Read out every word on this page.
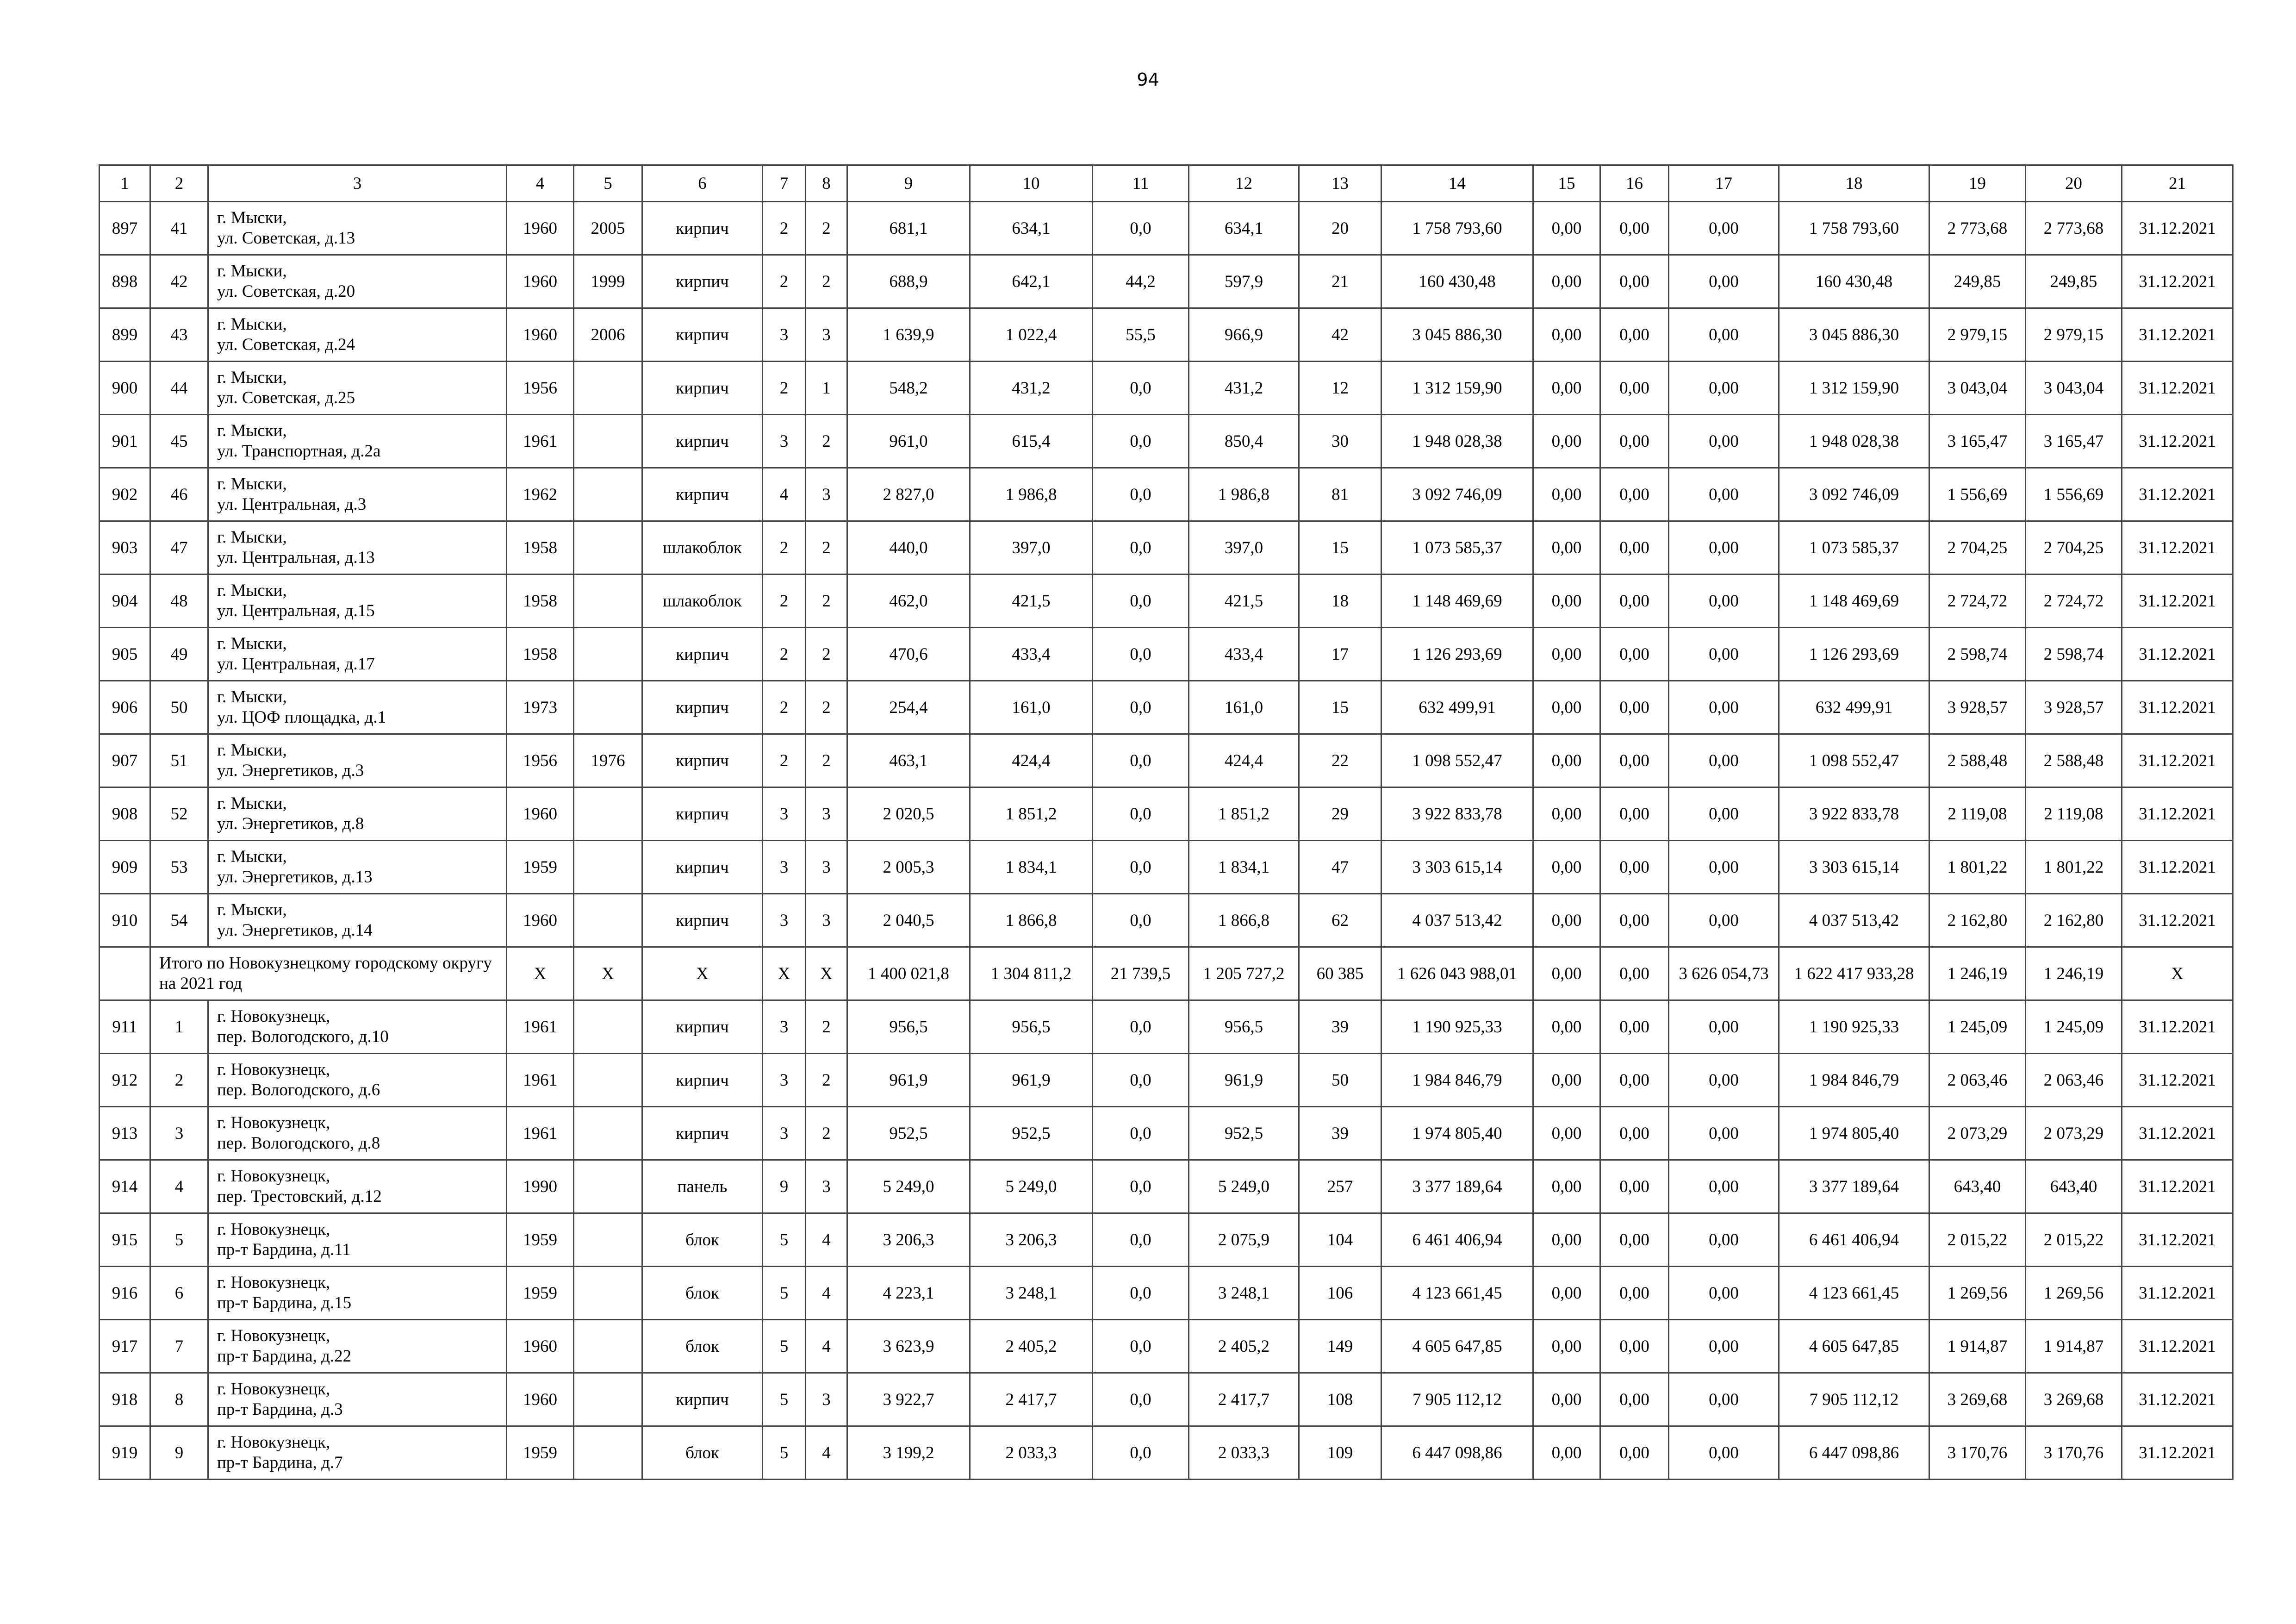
94
1	2	3	4	5	6	7	8	9	10	11	12	13	14	15	16	17	18	19	20	21
897	41	г. Мыски,
ул. Советская, д.13	1960	2005	кирпич	2	2	681,1	634,1	0,0	634,1	20	1 758 793,60	0,00	0,00	0,00	1 758 793,60	2 773,68	2 773,68	31.12.2021
898	42	г. Мыски,
ул. Советская, д.20	1960	1999	кирпич	2	2	688,9	642,1	44,2	597,9	21	160 430,48	0,00	0,00	0,00	160 430,48	249,85	249,85	31.12.2021
899	43	г. Мыски,
ул. Советская, д.24	1960	2006	кирпич	3	3	1 639,9	1 022,4	55,5	966,9	42	3 045 886,30	0,00	0,00	0,00	3 045 886,30	2 979,15	2 979,15	31.12.2021
900	44	г. Мыски,
ул. Советская, д.25	1956		кирпич	2	1	548,2	431,2	0,0	431,2	12	1 312 159,90	0,00	0,00	0,00	1 312 159,90	3 043,04	3 043,04	31.12.2021
901	45	г. Мыски,
ул. Транспортная, д.2а	1961		кирпич	3	2	961,0	615,4	0,0	850,4	30	1 948 028,38	0,00	0,00	0,00	1 948 028,38	3 165,47	3 165,47	31.12.2021
902	46	г. Мыски,
ул. Центральная, д.3	1962		кирпич	4	3	2 827,0	1 986,8	0,0	1 986,8	81	3 092 746,09	0,00	0,00	0,00	3 092 746,09	1 556,69	1 556,69	31.12.2021
903	47	г. Мыски,
ул. Центральная, д.13	1958		шлакоблок	2	2	440,0	397,0	0,0	397,0	15	1 073 585,37	0,00	0,00	0,00	1 073 585,37	2 704,25	2 704,25	31.12.2021
904	48	г. Мыски,
ул. Центральная, д.15	1958		шлакоблок	2	2	462,0	421,5	0,0	421,5	18	1 148 469,69	0,00	0,00	0,00	1 148 469,69	2 724,72	2 724,72	31.12.2021
905	49	г. Мыски,
ул. Центральная, д.17	1958		кирпич	2	2	470,6	433,4	0,0	433,4	17	1 126 293,69	0,00	0,00	0,00	1 126 293,69	2 598,74	2 598,74	31.12.2021
906	50	г. Мыски,
ул. ЦОФ площадка, д.1	1973		кирпич	2	2	254,4	161,0	0,0	161,0	15	632 499,91	0,00	0,00	0,00	632 499,91	3 928,57	3 928,57	31.12.2021
907	51	г. Мыски,
ул. Энергетиков, д.3	1956	1976	кирпич	2	2	463,1	424,4	0,0	424,4	22	1 098 552,47	0,00	0,00	0,00	1 098 552,47	2 588,48	2 588,48	31.12.2021
908	52	г. Мыски,
ул. Энергетиков, д.8	1960		кирпич	3	3	2 020,5	1 851,2	0,0	1 851,2	29	3 922 833,78	0,00	0,00	0,00	3 922 833,78	2 119,08	2 119,08	31.12.2021
909	53	г. Мыски,
ул. Энергетиков, д.13	1959		кирпич	3	3	2 005,3	1 834,1	0,0	1 834,1	47	3 303 615,14	0,00	0,00	0,00	3 303 615,14	1 801,22	1 801,22	31.12.2021
910	54	г. Мыски,
ул. Энергетиков, д.14	1960		кирпич	3	3	2 040,5	1 866,8	0,0	1 866,8	62	4 037 513,42	0,00	0,00	0,00	4 037 513,42	2 162,80	2 162,80	31.12.2021
	Итого по Новокузнецкому городскому округу на 2021 год		Х	Х	Х	Х	Х	1 400 021,8	1 304 811,2	21 739,5	1 205 727,2	60 385	1 626 043 988,01	0,00	0,00	3 626 054,73	1 622 417 933,28	1 246,19	1 246,19	Х
911	1	г. Новокузнецк,
пер. Вологодского, д.10	1961		кирпич	3	2	956,5	956,5	0,0	956,5	39	1 190 925,33	0,00	0,00	0,00	1 190 925,33	1 245,09	1 245,09	31.12.2021
912	2	г. Новокузнецк,
пер. Вологодского, д.6	1961		кирпич	3	2	961,9	961,9	0,0	961,9	50	1 984 846,79	0,00	0,00	0,00	1 984 846,79	2 063,46	2 063,46	31.12.2021
913	3	г. Новокузнецк,
пер. Вологодского, д.8	1961		кирпич	3	2	952,5	952,5	0,0	952,5	39	1 974 805,40	0,00	0,00	0,00	1 974 805,40	2 073,29	2 073,29	31.12.2021
914	4	г. Новокузнецк,
пер. Трестовский, д.12	1990		панель	9	3	5 249,0	5 249,0	0,0	5 249,0	257	3 377 189,64	0,00	0,00	0,00	3 377 189,64	643,40	643,40	31.12.2021
915	5	г. Новокузнецк,
пр-т Бардина, д.11	1959		блок	5	4	3 206,3	3 206,3	0,0	2 075,9	104	6 461 406,94	0,00	0,00	0,00	6 461 406,94	2 015,22	2 015,22	31.12.2021
916	6	г. Новокузнецк,
пр-т Бардина, д.15	1959		блок	5	4	4 223,1	3 248,1	0,0	3 248,1	106	4 123 661,45	0,00	0,00	0,00	4 123 661,45	1 269,56	1 269,56	31.12.2021
917	7	г. Новокузнецк,
пр-т Бардина, д.22	1960		блок	5	4	3 623,9	2 405,2	0,0	2 405,2	149	4 605 647,85	0,00	0,00	0,00	4 605 647,85	1 914,87	1 914,87	31.12.2021
918	8	г. Новокузнецк,
пр-т Бардина, д.3	1960		кирпич	5	3	3 922,7	2 417,7	0,0	2 417,7	108	7 905 112,12	0,00	0,00	0,00	7 905 112,12	3 269,68	3 269,68	31.12.2021
919	9	г. Новокузнецк,
пр-т Бардина, д.7	1959		блок	5	4	3 199,2	2 033,3	0,0	2 033,3	109	6 447 098,86	0,00	0,00	0,00	6 447 098,86	3 170,76	3 170,76	31.12.2021
